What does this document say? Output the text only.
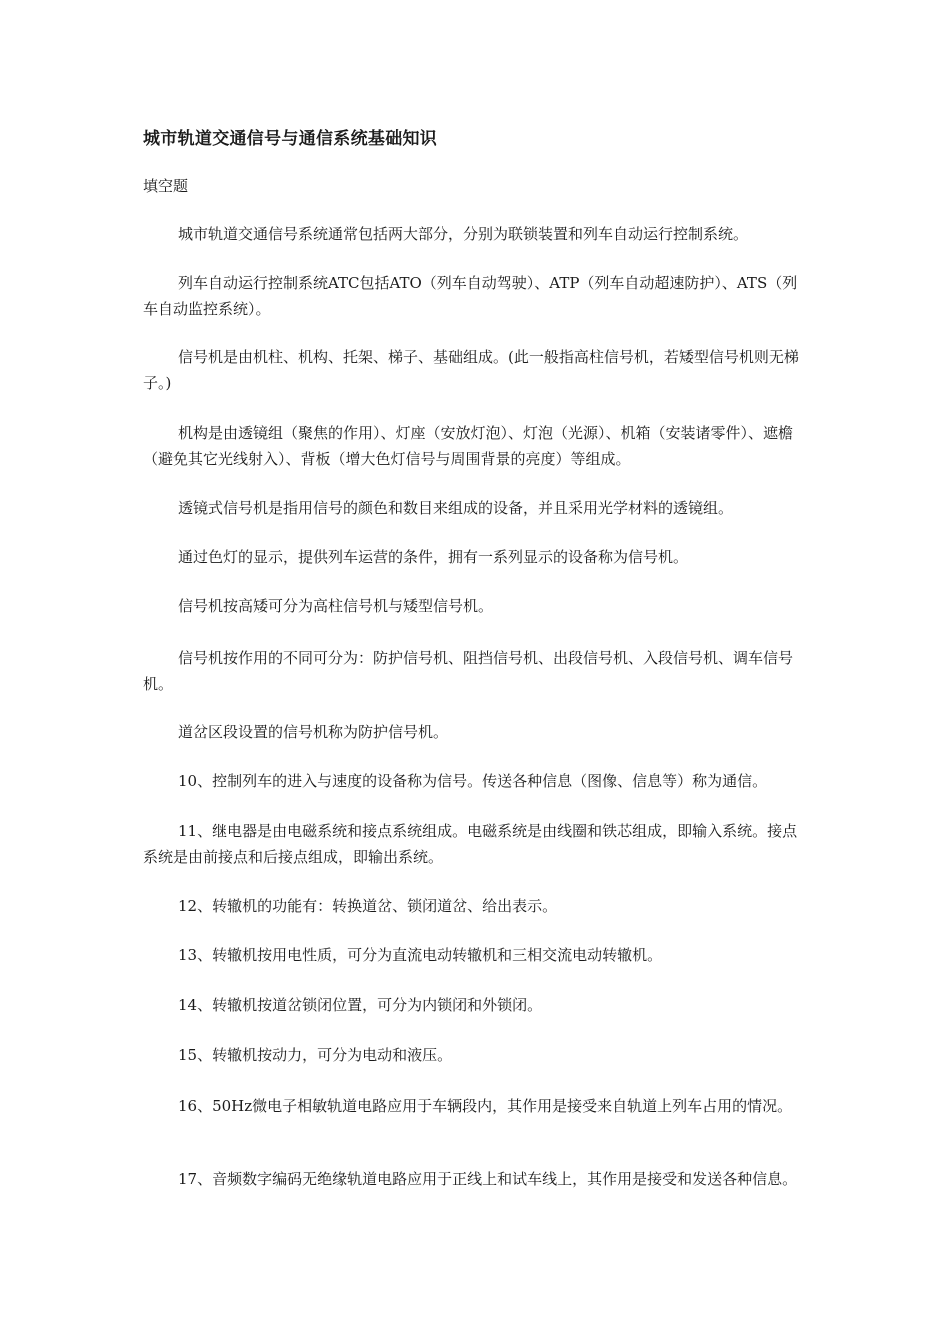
城市轨道交通信号与通信系统基础知识
填空题

城市轨道交通信号系统通常包括两大部分，分别为联锁装置和列车自动运行控制系统。

列车自动运行控制系统ATC包括ATO（列车自动驾驶）、ATP（列车自动超速防护）、ATS（列车自动监控系统）。

信号机是由机柱、机构、托架、梯子、基础组成。(此一般指高柱信号机，若矮型信号机则无梯子。)

机构是由透镜组（聚焦的作用）、灯座（安放灯泡）、灯泡（光源）、机箱（安装诸零件）、遮檐（避免其它光线射入）、背板（增大色灯信号与周围背景的亮度）等组成。

透镜式信号机是指用信号的颜色和数目来组成的设备，并且采用光学材料的透镜组。

通过色灯的显示，提供列车运营的条件，拥有一系列显示的设备称为信号机。

信号机按高矮可分为高柱信号机与矮型信号机。

信号机按作用的不同可分为：防护信号机、阻挡信号机、出段信号机、入段信号机、调车信号机。

道岔区段设置的信号机称为防护信号机。

10、控制列车的进入与速度的设备称为信号。传送各种信息（图像、信息等）称为通信。

11、继电器是由电磁系统和接点系统组成。电磁系统是由线圈和铁芯组成，即输入系统。接点系统是由前接点和后接点组成，即输出系统。

12、转辙机的功能有：转换道岔、锁闭道岔、给出表示。

13、转辙机按用电性质，可分为直流电动转辙机和三相交流电动转辙机。

14、转辙机按道岔锁闭位置，可分为内锁闭和外锁闭。

15、转辙机按动力，可分为电动和液压。

16、50Hz微电子相敏轨道电路应用于车辆段内，其作用是接受来自轨道上列车占用的情况。

17、音频数字编码无绝缘轨道电路应用于正线上和试车线上，其作用是接受和发送各种信息。
